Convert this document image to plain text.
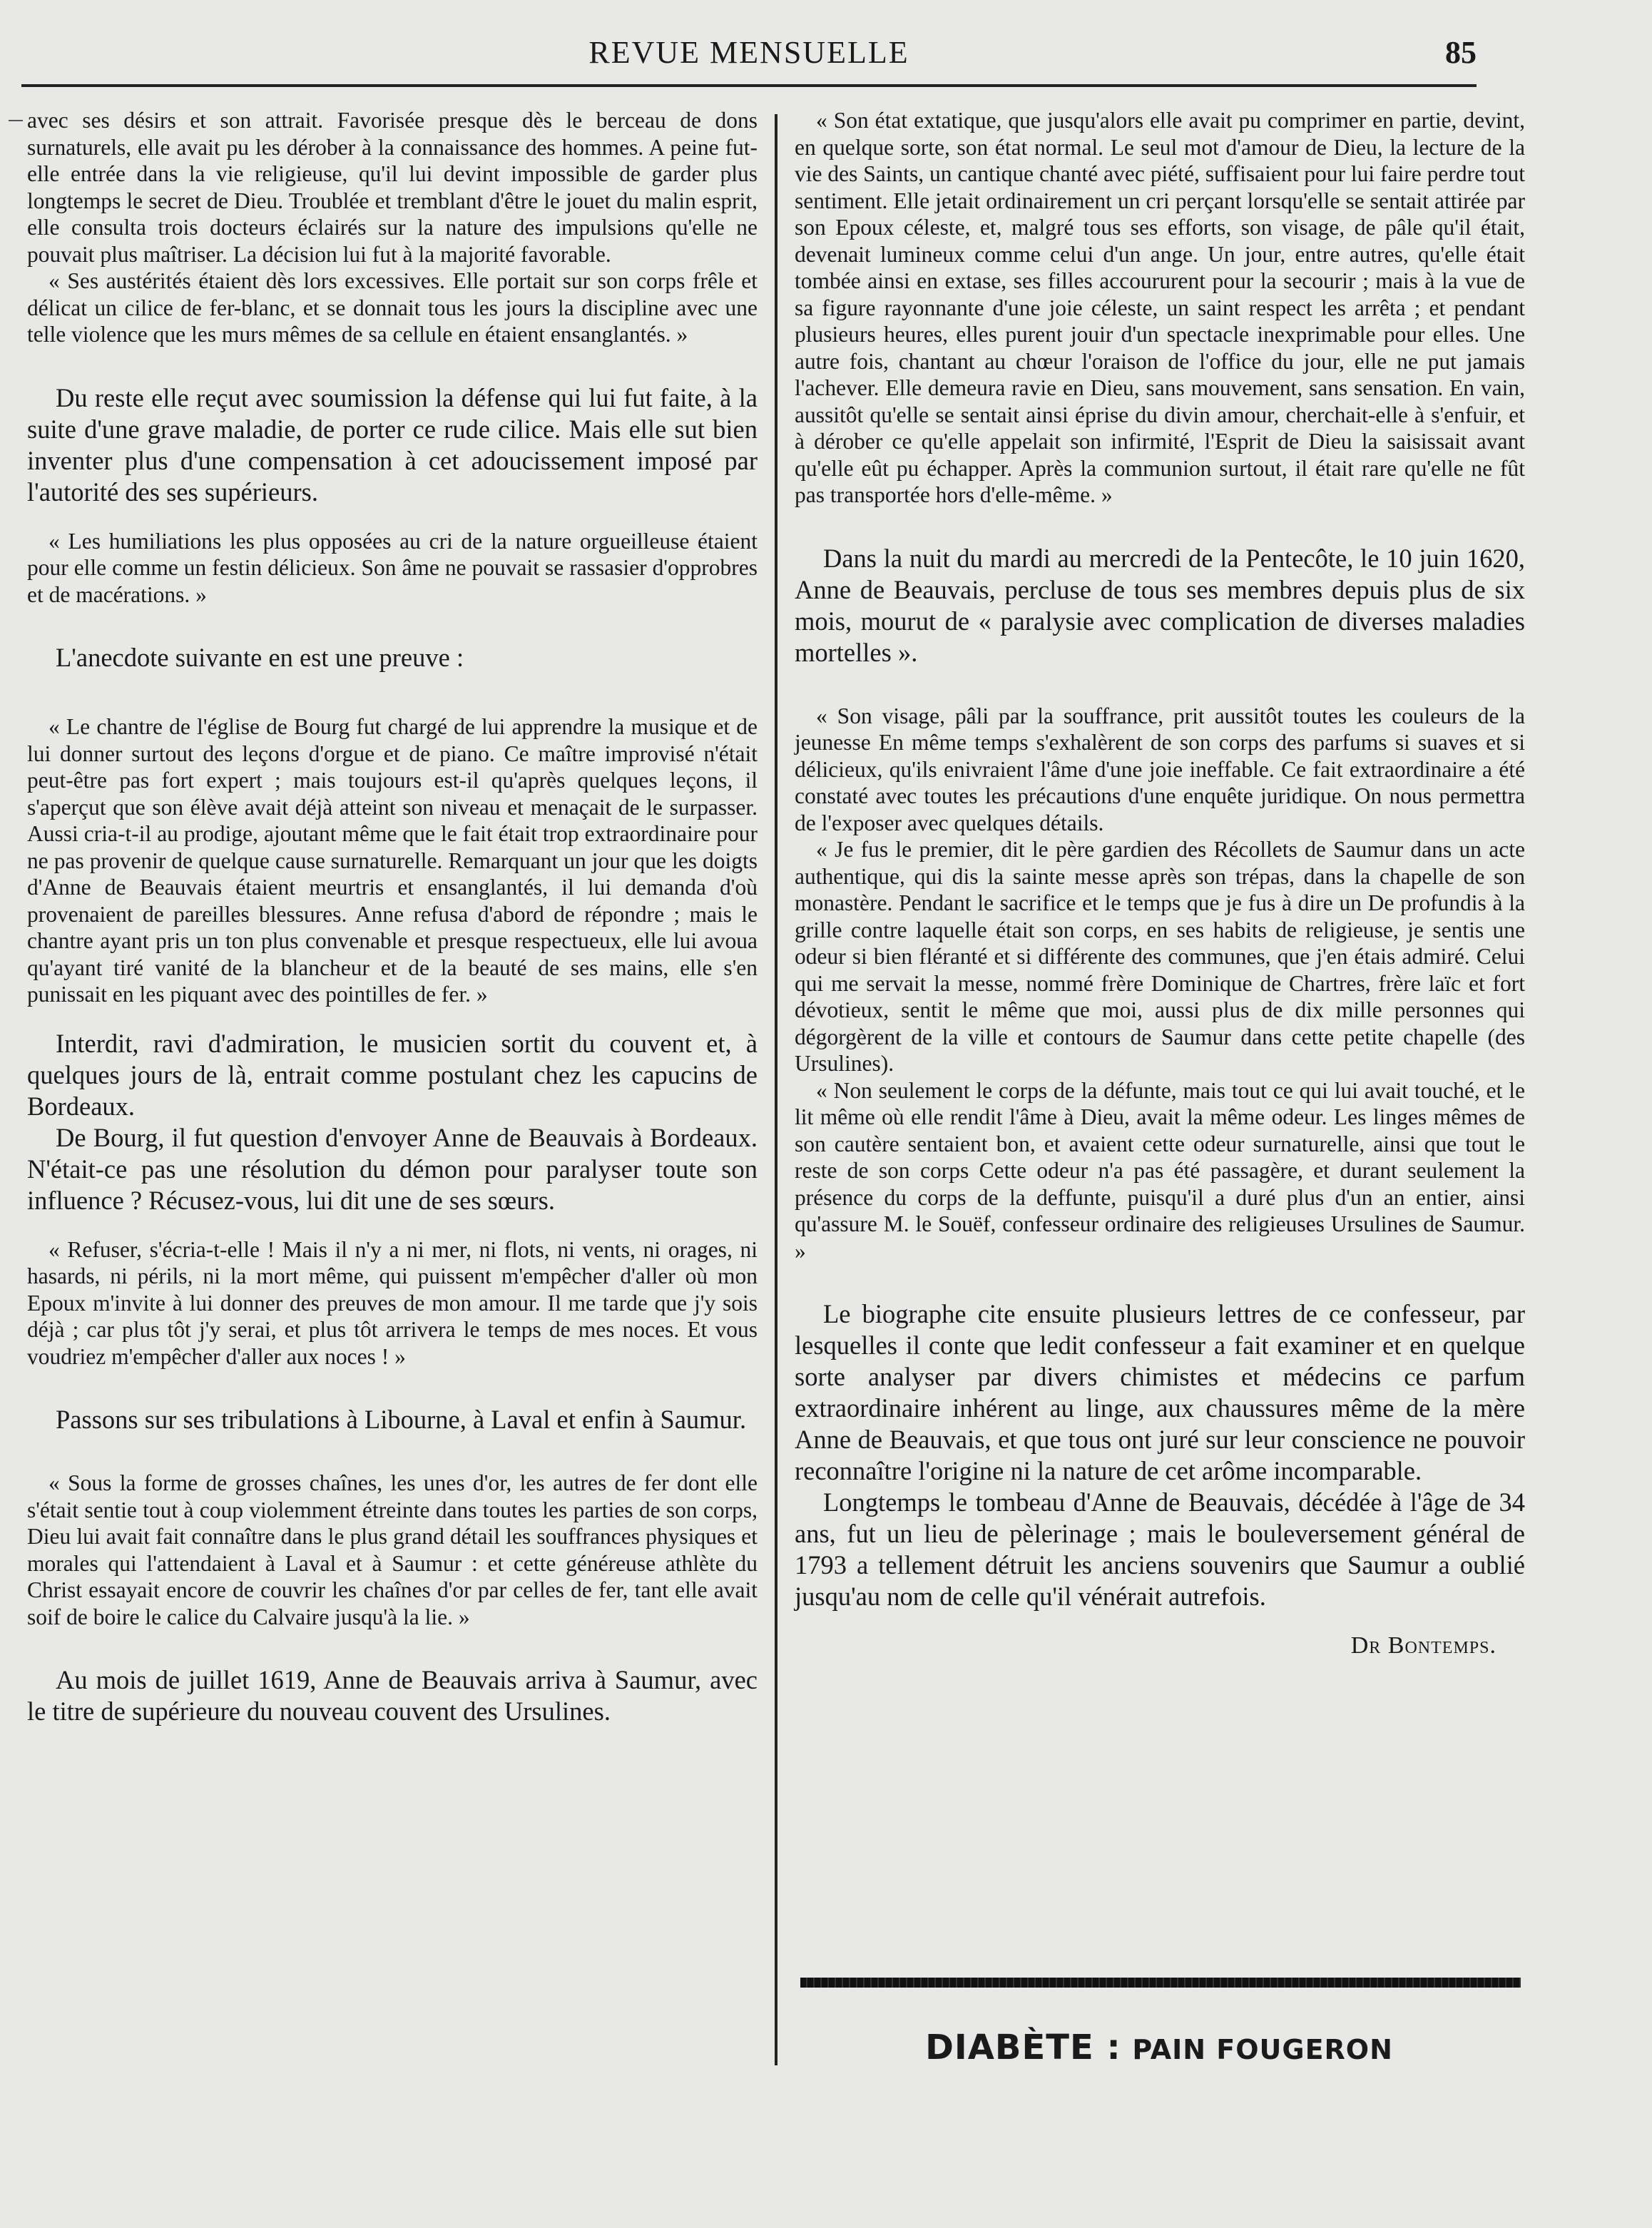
REVUE MENSUELLE	85

avec ses désirs et son attrait. Favorisée presque dès le berceau de dons surnaturels, elle avait pu les dérober à la connaissance des hommes. A peine fut-elle entrée dans la vie religieuse, qu'il lui devint impossible de garder plus longtemps le secret de Dieu. Troublée et tremblant d'être le jouet du malin esprit, elle consulta trois docteurs éclairés sur la nature des impulsions qu'elle ne pouvait plus maîtriser. La décision lui fut à la majorité favorable.

« Ses austérités étaient dès lors excessives. Elle portait sur son corps frêle et délicat un cilice de fer-blanc, et se donnait tous les jours la discipline avec une telle violence que les murs mêmes de sa cellule en étaient ensanglantés. »

Du reste elle reçut avec soumission la défense qui lui fut faite, à la suite d'une grave maladie, de porter ce rude cilice. Mais elle sut bien inventer plus d'une compensation à cet adoucissement imposé par l'autorité des ses supérieurs.

« Les humiliations les plus opposées au cri de la nature orgueilleuse étaient pour elle comme un festin délicieux. Son âme ne pouvait se rassasier d'opprobres et de macérations. »

L'anecdote suivante en est une preuve :

« Le chantre de l'église de Bourg fut chargé de lui apprendre la musique et de lui donner surtout des leçons d'orgue et de piano. Ce maître improvisé n'était peut-être pas fort expert ; mais toujours est-il qu'après quelques leçons, il s'aperçut que son élève avait déjà atteint son niveau et menaçait de le surpasser. Aussi cria-t-il au prodige, ajoutant même que le fait était trop extraordinaire pour ne pas provenir de quelque cause surnaturelle. Remarquant un jour que les doigts d'Anne de Beauvais étaient meurtris et ensanglantés, il lui demanda d'où provenaient de pareilles blessures. Anne refusa d'abord de répondre ; mais le chantre ayant pris un ton plus convenable et presque respectueux, elle lui avoua qu'ayant tiré vanité de la blancheur et de la beauté de ses mains, elle s'en punissait en les piquant avec des pointilles de fer. »

Interdit, ravi d'admiration, le musicien sortit du couvent et, à quelques jours de là, entrait comme postulant chez les capucins de Bordeaux.

De Bourg, il fut question d'envoyer Anne de Beauvais à Bordeaux. N'était-ce pas une résolution du démon pour paralyser toute son influence ? Récusez-vous, lui dit une de ses sœurs.

« Refuser, s'écria-t-elle ! Mais il n'y a ni mer, ni flots, ni vents, ni orages, ni hasards, ni périls, ni la mort même, qui puissent m'empêcher d'aller où mon Epoux m'invite à lui donner des preuves de mon amour. Il me tarde que j'y sois déjà ; car plus tôt j'y serai, et plus tôt arrivera le temps de mes noces. Et vous voudriez m'empêcher d'aller aux noces ! »

Passons sur ses tribulations à Libourne, à Laval et enfin à Saumur.

« Sous la forme de grosses chaînes, les unes d'or, les autres de fer dont elle s'était sentie tout à coup violemment étreinte dans toutes les parties de son corps, Dieu lui avait fait connaître dans le plus grand détail les souffrances physiques et morales qui l'attendaient à Laval et à Saumur : et cette généreuse athlète du Christ essayait encore de couvrir les chaînes d'or par celles de fer, tant elle avait soif de boire le calice du Calvaire jusqu'à la lie. »

Au mois de juillet 1619, Anne de Beauvais arriva à Saumur, avec le titre de supérieure du nouveau couvent des Ursulines.

« Son état extatique, que jusqu'alors elle avait pu comprimer en partie, devint, en quelque sorte, son état normal. Le seul mot d'amour de Dieu, la lecture de la vie des Saints, un cantique chanté avec piété, suffisaient pour lui faire perdre tout sentiment. Elle jetait ordinairement un cri perçant lorsqu'elle se sentait attirée par son Epoux céleste, et, malgré tous ses efforts, son visage, de pâle qu'il était, devenait lumineux comme celui d'un ange. Un jour, entre autres, qu'elle était tombée ainsi en extase, ses filles accoururent pour la secourir ; mais à la vue de sa figure rayonnante d'une joie céleste, un saint respect les arrêta ; et pendant plusieurs heures, elles purent jouir d'un spectacle inexprimable pour elles. Une autre fois, chantant au chœur l'oraison de l'office du jour, elle ne put jamais l'achever. Elle demeura ravie en Dieu, sans mouvement, sans sensation. En vain, aussitôt qu'elle se sentait ainsi éprise du divin amour, cherchait-elle à s'enfuir, et à dérober ce qu'elle appelait son infirmité, l'Esprit de Dieu la saisissait avant qu'elle eût pu échapper. Après la communion surtout, il était rare qu'elle ne fût pas transportée hors d'elle-même. »

Dans la nuit du mardi au mercredi de la Pentecôte, le 10 juin 1620, Anne de Beauvais, percluse de tous ses membres depuis plus de six mois, mourut de « paralysie avec complication de diverses maladies mortelles ».

« Son visage, pâli par la souffrance, prit aussitôt toutes les couleurs de la jeunesse En même temps s'exhalèrent de son corps des parfums si suaves et si délicieux, qu'ils enivraient l'âme d'une joie ineffable. Ce fait extraordinaire a été constaté avec toutes les précautions d'une enquête juridique. On nous permettra de l'exposer avec quelques détails.

« Je fus le premier, dit le père gardien des Récollets de Saumur dans un acte authentique, qui dis la sainte messe après son trépas, dans la chapelle de son monastère. Pendant le sacrifice et le temps que je fus à dire un De profundis à la grille contre laquelle était son corps, en ses habits de religieuse, je sentis une odeur si bien fléranté et si différente des communes, que j'en étais admiré. Celui qui me servait la messe, nommé frère Dominique de Chartres, frère laïc et fort dévotieux, sentit le même que moi, aussi plus de dix mille personnes qui dégorgèrent de la ville et contours de Saumur dans cette petite chapelle (des Ursulines).

« Non seulement le corps de la défunte, mais tout ce qui lui avait touché, et le lit même où elle rendit l'âme à Dieu, avait la même odeur. Les linges mêmes de son cautère sentaient bon, et avaient cette odeur surnaturelle, ainsi que tout le reste de son corps Cette odeur n'a pas été passagère, et durant seulement la présence du corps de la deffunte, puisqu'il a duré plus d'un an entier, ainsi qu'assure M. le Souëf, confesseur ordinaire des religieuses Ursulines de Saumur. »

Le biographe cite ensuite plusieurs lettres de ce confesseur, par lesquelles il conte que ledit confesseur a fait examiner et en quelque sorte analyser par divers chimistes et médecins ce parfum extraordinaire inhérent au linge, aux chaussures même de la mère Anne de Beauvais, et que tous ont juré sur leur conscience ne pouvoir reconnaître l'origine ni la nature de cet arôme incomparable.

Longtemps le tombeau d'Anne de Beauvais, décédée à l'âge de 34 ans, fut un lieu de pèlerinage ; mais le bouleversement général de 1793 a tellement détruit les anciens souvenirs que Saumur a oublié jusqu'au nom de celle qu'il vénérait autrefois.

Dr Bontemps.
DIABÈTE : PAIN FOUGERON
